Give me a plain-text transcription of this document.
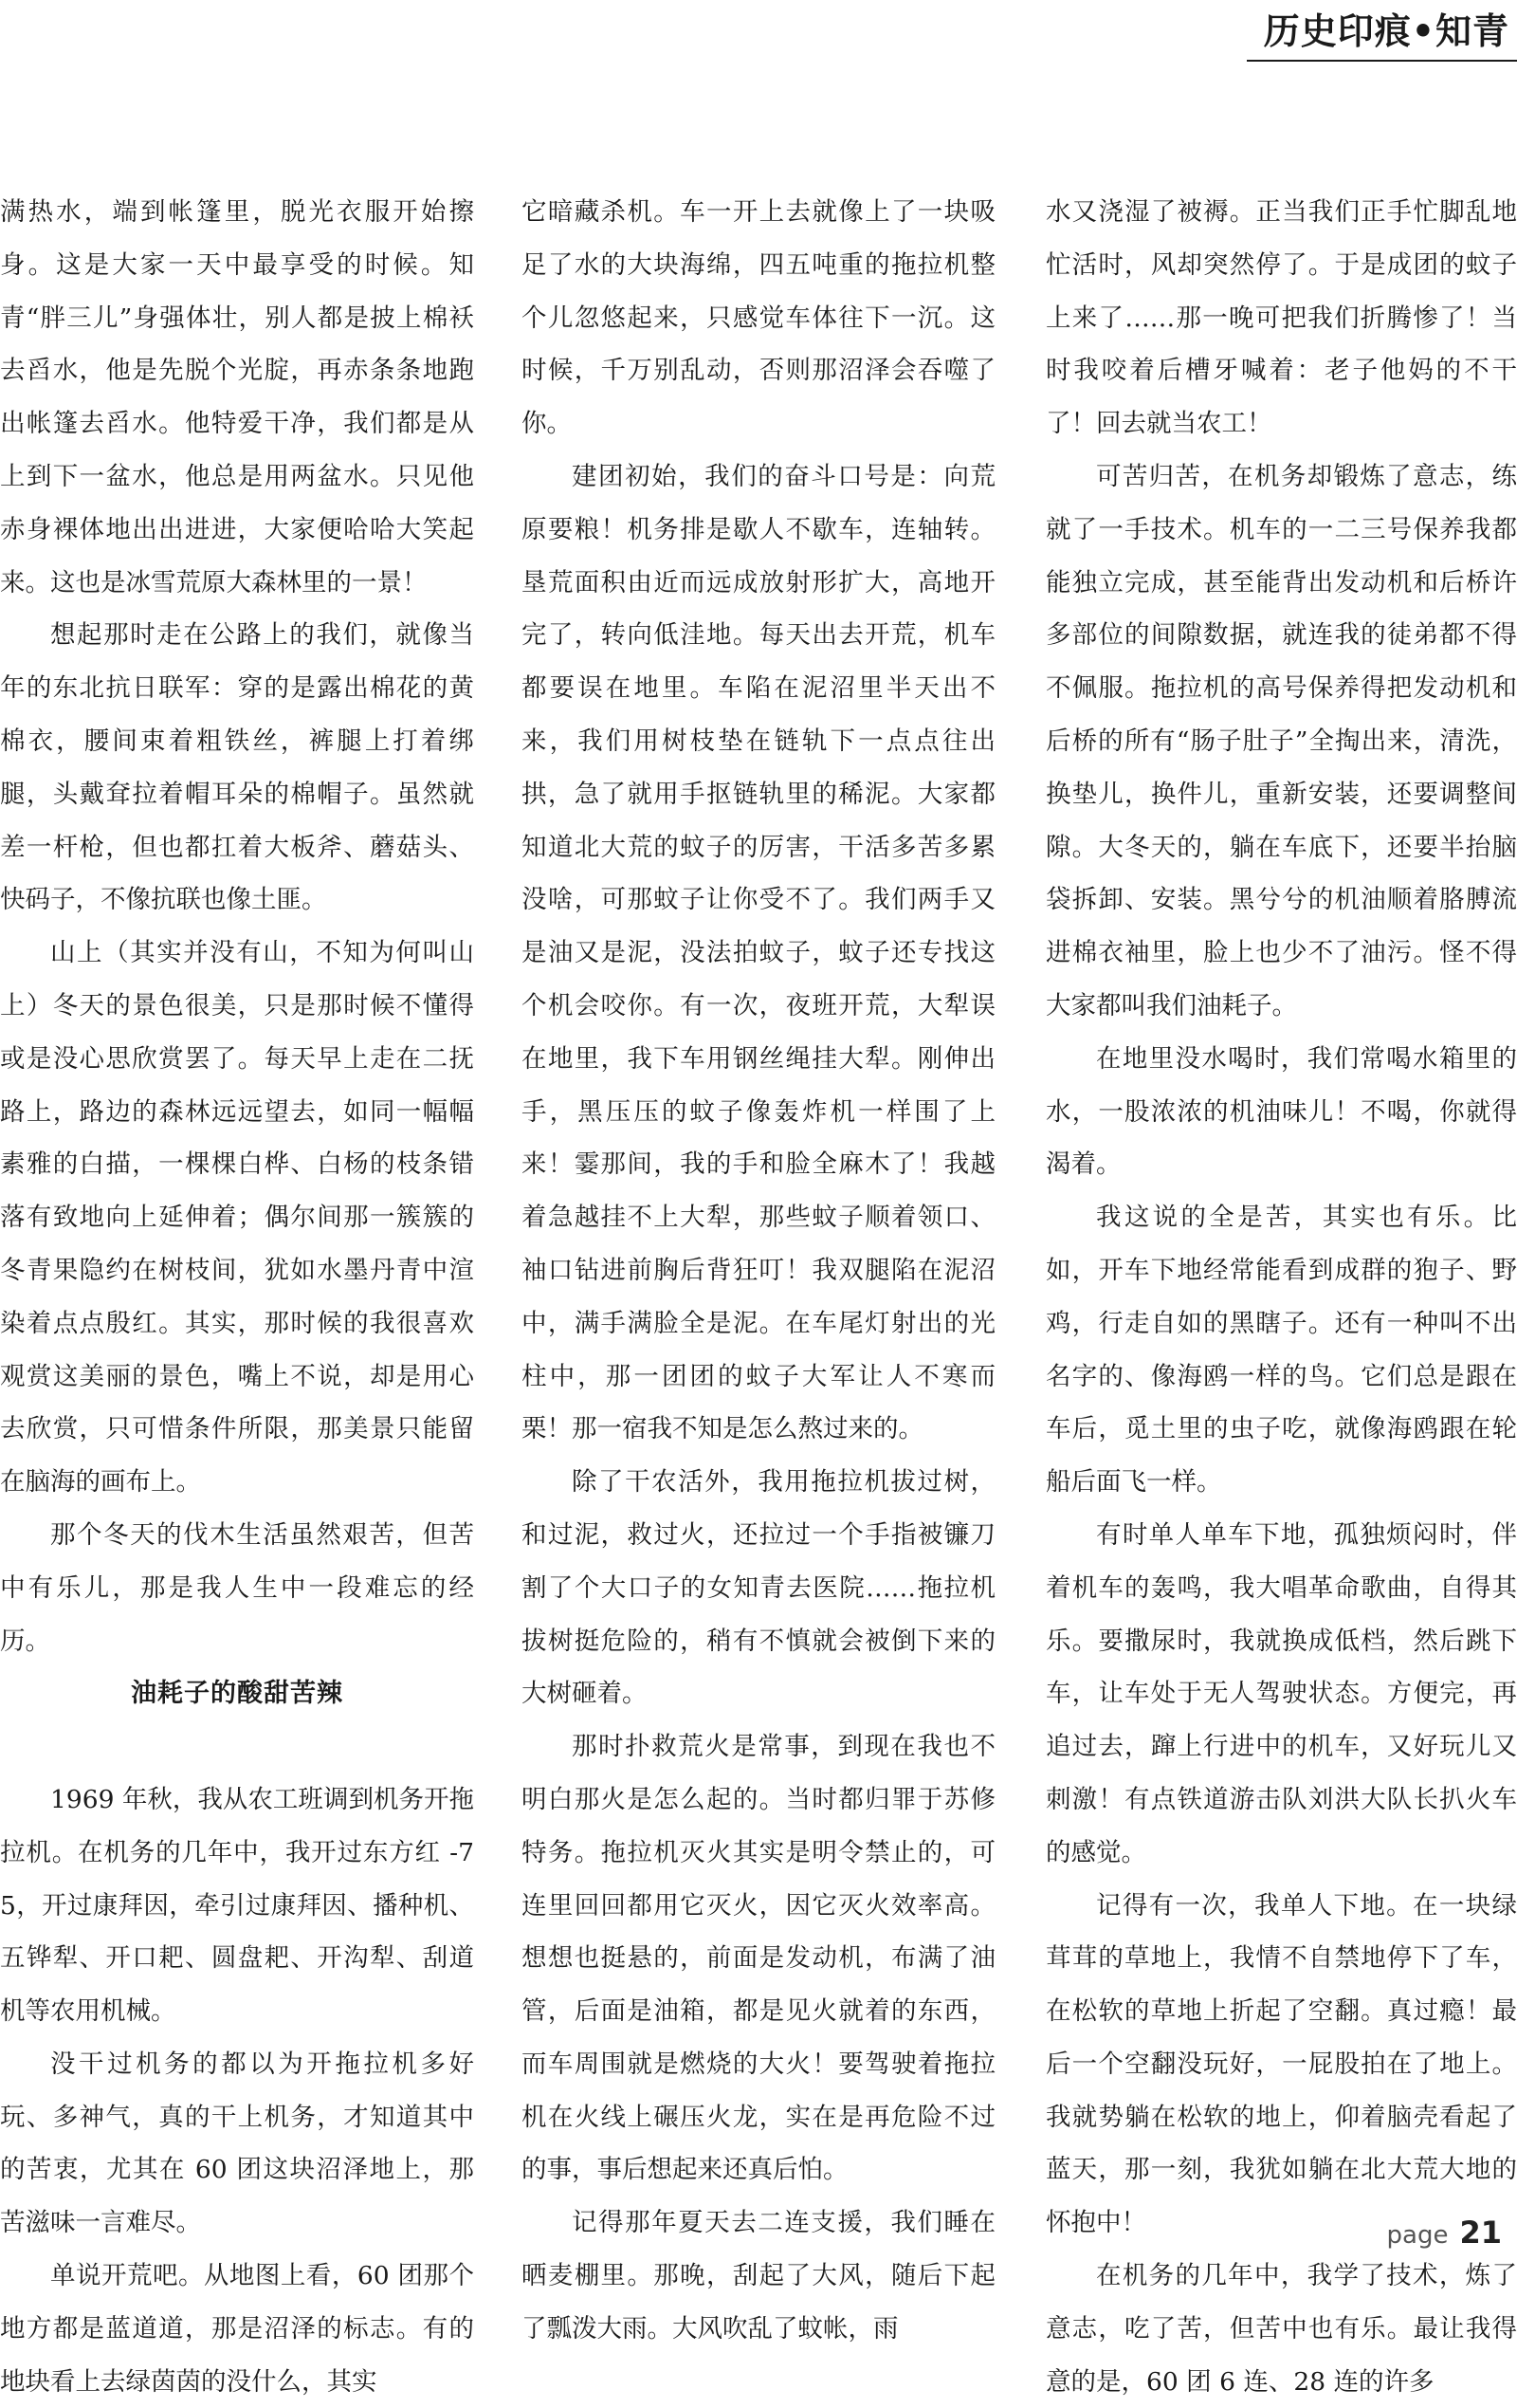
历史印痕•知青

满热水，端到帐篷里，脱光衣服开始擦身。这是大家一天中最享受的时候。知青“胖三儿”身强体壮，别人都是披上棉袄去舀水，他是先脱个光腚，再赤条条地跑出帐篷去舀水。他特爱干净，我们都是从上到下一盆水，他总是用两盆水。只见他赤身裸体地出出进进，大家便哈哈大笑起来。这也是冰雪荒原大森林里的一景！

想起那时走在公路上的我们，就像当年的东北抗日联军：穿的是露出棉花的黄棉衣，腰间束着粗铁丝，裤腿上打着绑腿，头戴耷拉着帽耳朵的棉帽子。虽然就差一杆枪，但也都扛着大板斧、蘑菇头、快码子，不像抗联也像土匪。

山上（其实并没有山，不知为何叫山上）冬天的景色很美，只是那时候不懂得或是没心思欣赏罢了。每天早上走在二抚路上，路边的森林远远望去，如同一幅幅素雅的白描，一棵棵白桦、白杨的枝条错落有致地向上延伸着；偶尔间那一簇簇的冬青果隐约在树枝间，犹如水墨丹青中渲染着点点殷红。其实，那时候的我很喜欢观赏这美丽的景色，嘴上不说，却是用心去欣赏，只可惜条件所限，那美景只能留在脑海的画布上。

那个冬天的伐木生活虽然艰苦，但苦中有乐儿，那是我人生中一段难忘的经历。

油耗子的酸甜苦辣

1969 年秋，我从农工班调到机务开拖拉机。在机务的几年中，我开过东方红 -75，开过康拜因，牵引过康拜因、播种机、五铧犁、开口耙、圆盘耙、开沟犁、刮道机等农用机械。

没干过机务的都以为开拖拉机多好玩、多神气，真的干上机务，才知道其中的苦衷，尤其在 60 团这块沼泽地上，那苦滋味一言难尽。

单说开荒吧。从地图上看，60 团那个地方都是蓝道道，那是沼泽的标志。有的地块看上去绿茵茵的没什么，其实

它暗藏杀机。车一开上去就像上了一块吸足了水的大块海绵，四五吨重的拖拉机整个儿忽悠起来，只感觉车体往下一沉。这时候，千万别乱动，否则那沼泽会吞噬了你。

建团初始，我们的奋斗口号是：向荒原要粮！机务排是歇人不歇车，连轴转。垦荒面积由近而远成放射形扩大，高地开完了，转向低洼地。每天出去开荒，机车都要误在地里。车陷在泥沼里半天出不来，我们用树枝垫在链轨下一点点往出拱，急了就用手抠链轨里的稀泥。大家都知道北大荒的蚊子的厉害，干活多苦多累没啥，可那蚊子让你受不了。我们两手又是油又是泥，没法拍蚊子，蚊子还专找这个机会咬你。有一次，夜班开荒，大犁误在地里，我下车用钢丝绳挂大犁。刚伸出手，黑压压的蚊子像轰炸机一样围了上来！霎那间，我的手和脸全麻木了！我越着急越挂不上大犁，那些蚊子顺着领口、袖口钻进前胸后背狂叮！我双腿陷在泥沼中，满手满脸全是泥。在车尾灯射出的光柱中，那一团团的蚊子大军让人不寒而栗！那一宿我不知是怎么熬过来的。

除了干农活外，我用拖拉机拔过树，和过泥，救过火，还拉过一个手指被镰刀割了个大口子的女知青去医院……拖拉机拔树挺危险的，稍有不慎就会被倒下来的大树砸着。

那时扑救荒火是常事，到现在我也不明白那火是怎么起的。当时都归罪于苏修特务。拖拉机灭火其实是明令禁止的，可连里回回都用它灭火，因它灭火效率高。想想也挺悬的，前面是发动机，布满了油管，后面是油箱，都是见火就着的东西，而车周围就是燃烧的大火！要驾驶着拖拉机在火线上碾压火龙，实在是再危险不过的事，事后想起来还真后怕。

记得那年夏天去二连支援，我们睡在晒麦棚里。那晚，刮起了大风，随后下起了瓢泼大雨。大风吹乱了蚊帐，雨

水又浇湿了被褥。正当我们正手忙脚乱地忙活时，风却突然停了。于是成团的蚊子上来了……那一晚可把我们折腾惨了！当时我咬着后槽牙喊着：老子他妈的不干了！回去就当农工！

可苦归苦，在机务却锻炼了意志，练就了一手技术。机车的一二三号保养我都能独立完成，甚至能背出发动机和后桥许多部位的间隙数据，就连我的徒弟都不得不佩服。拖拉机的高号保养得把发动机和后桥的所有“肠子肚子”全掏出来，清洗，换垫儿，换件儿，重新安装，还要调整间隙。大冬天的，躺在车底下，还要半抬脑袋拆卸、安装。黑兮兮的机油顺着胳膊流进棉衣袖里，脸上也少不了油污。怪不得大家都叫我们油耗子。

在地里没水喝时，我们常喝水箱里的水，一股浓浓的机油味儿！不喝，你就得渴着。

我这说的全是苦，其实也有乐。比如，开车下地经常能看到成群的狍子、野鸡，行走自如的黑瞎子。还有一种叫不出名字的、像海鸥一样的鸟。它们总是跟在车后，觅土里的虫子吃，就像海鸥跟在轮船后面飞一样。

有时单人单车下地，孤独烦闷时，伴着机车的轰鸣，我大唱革命歌曲，自得其乐。要撒尿时，我就换成低档，然后跳下车，让车处于无人驾驶状态。方便完，再追过去，蹿上行进中的机车，又好玩儿又刺激！有点铁道游击队刘洪大队长扒火车的感觉。

记得有一次，我单人下地。在一块绿茸茸的草地上，我情不自禁地停下了车，在松软的草地上折起了空翻。真过瘾！最后一个空翻没玩好，一屁股拍在了地上。我就势躺在松软的地上，仰着脑壳看起了蓝天，那一刻，我犹如躺在北大荒大地的怀抱中！

在机务的几年中，我学了技术，炼了意志，吃了苦，但苦中也有乐。最让我得意的是，60 团 6 连、28 连的许多

page 21
